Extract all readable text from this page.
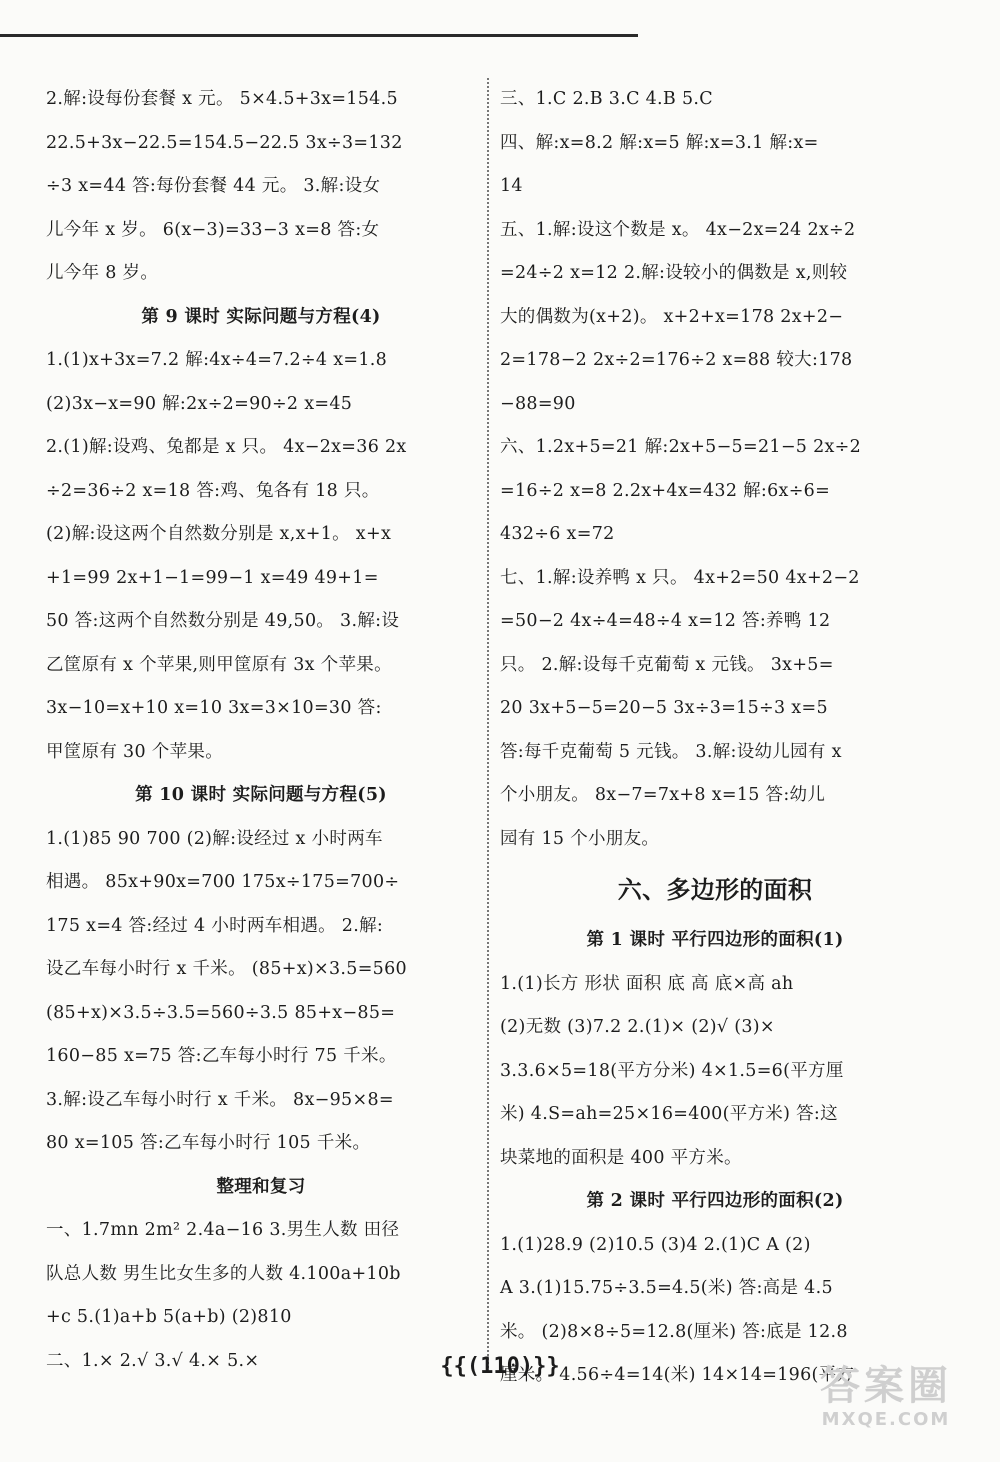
2.解:设每份套餐 x 元。 5×4.5+3x=154.5
22.5+3x−22.5=154.5−22.5 3x÷3=132
÷3 x=44 答:每份套餐 44 元。 3.解:设女
儿今年 x 岁。 6(x−3)=33−3 x=8 答:女
儿今年 8 岁。
第 9 课时 实际问题与方程(4)
1.(1)x+3x=7.2 解:4x÷4=7.2÷4 x=1.8
(2)3x−x=90 解:2x÷2=90÷2 x=45
2.(1)解:设鸡、兔都是 x 只。 4x−2x=36 2x
÷2=36÷2 x=18 答:鸡、兔各有 18 只。
(2)解:设这两个自然数分别是 x,x+1。 x+x
+1=99 2x+1−1=99−1 x=49 49+1=
50 答:这两个自然数分别是 49,50。 3.解:设
乙筐原有 x 个苹果,则甲筐原有 3x 个苹果。
3x−10=x+10 x=10 3x=3×10=30 答:
甲筐原有 30 个苹果。
第 10 课时 实际问题与方程(5)
1.(1)85 90 700 (2)解:设经过 x 小时两车
相遇。 85x+90x=700 175x÷175=700÷
175 x=4 答:经过 4 小时两车相遇。 2.解:
设乙车每小时行 x 千米。 (85+x)×3.5=560
(85+x)×3.5÷3.5=560÷3.5 85+x−85=
160−85 x=75 答:乙车每小时行 75 千米。
3.解:设乙车每小时行 x 千米。 8x−95×8=
80 x=105 答:乙车每小时行 105 千米。
整理和复习
一、1.7mn 2m² 2.4a−16 3.男生人数 田径
队总人数 男生比女生多的人数 4.100a+10b
+c 5.(1)a+b 5(a+b) (2)810
二、1.× 2.√ 3.√ 4.× 5.×
三、1.C 2.B 3.C 4.B 5.C
四、解:x=8.2 解:x=5 解:x=3.1 解:x=
14
五、1.解:设这个数是 x。 4x−2x=24 2x÷2
=24÷2 x=12 2.解:设较小的偶数是 x,则较
大的偶数为(x+2)。 x+2+x=178 2x+2−
2=178−2 2x÷2=176÷2 x=88 较大:178
−88=90
六、1.2x+5=21 解:2x+5−5=21−5 2x÷2
=16÷2 x=8 2.2x+4x=432 解:6x÷6=
432÷6 x=72
七、1.解:设养鸭 x 只。 4x+2=50 4x+2−2
=50−2 4x÷4=48÷4 x=12 答:养鸭 12
只。 2.解:设每千克葡萄 x 元钱。 3x+5=
20 3x+5−5=20−5 3x÷3=15÷3 x=5
答:每千克葡萄 5 元钱。 3.解:设幼儿园有 x
个小朋友。 8x−7=7x+8 x=15 答:幼儿
园有 15 个小朋友。
六、多边形的面积
第 1 课时 平行四边形的面积(1)
1.(1)长方 形状 面积 底 高 底×高 ah
(2)无数 (3)7.2 2.(1)× (2)√ (3)×
3.3.6×5=18(平方分米) 4×1.5=6(平方厘
米) 4.S=ah=25×16=400(平方米) 答:这
块菜地的面积是 400 平方米。
第 2 课时 平行四边形的面积(2)
1.(1)28.9 (2)10.5 (3)4 2.(1)C A (2)
A 3.(1)15.75÷3.5=4.5(米) 答:高是 4.5
米。 (2)8×8÷5=12.8(厘米) 答:底是 12.8
厘米。 4.56÷4=14(米) 14×14=196(平方
{{(110)}}	答案圈
MXQE.COM
